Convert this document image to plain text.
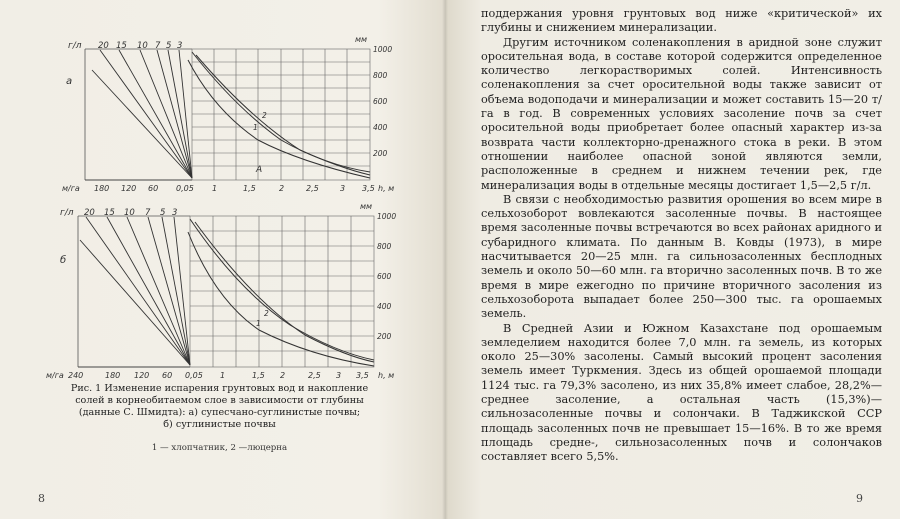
г/л 20 15 10 7 5 3
мм
1
2
А
1000
800
600
400
200
a
м/га 180 120 60 0,05 1	1,5	2	2,5	3 3,5 h, м
г/л 20 15 10 7 5 3
мм
1
2
1000
800
600
400
200
б
м/га 240	180 120 60 0,05 1	1,5 2	2,5 3 3,5 h, м
Рис. 1 Изменение испарения грунтовых вод и накопление
солей в корнеобитаемом слое в зависимости от глубины
(данные С. Шмидта): а) супесчано-суглинистые почвы;
б) суглинистые почвы
1 — хлопчатник, 2 —люцерна
8

поддержания уровня грунтовых вод ниже «критической» их глубины и снижением минерализации.

Другим источником соленакопления в аридной зоне служит оросительная вода, в составе которой содержится определенное количество легкорастворимых солей. Интенсивность соленакопления за счет оросительной воды также зависит от объема водоподачи и минерализации и может составить 15—20 т/га в год. В современных условиях засоление почв за счет оросительной воды приобретает более опасный характер из-за возврата части коллекторно-дренажного стока в реки. В этом отношении наиболее опасной зоной являются земли, расположенные в среднем и нижнем течении рек, где минерализация воды в отдельные месяцы достигает 1,5—2,5 г/л.

В связи с необходимостью развития орошения во всем мире в сельхозоборот вовлекаются засоленные почвы. В настоящее время засоленные почвы встречаются во всех районах аридного и субаридного климата. По данным В. Ковды (1973), в мире насчитывается 20—25 млн. га сильнозасоленных бесплодных земель и около 50—60 млн. га вторично засоленных почв. В то же время в мире ежегодно по причине вторичного засоления из сельхозоборота выпадает более 250—300 тыс. га орошаемых земель.

В Средней Азии и Южном Казахстане под орошаемым земледелием находится более 7,0 млн. га земель, из которых около 25—30% засолены. Самый высокий процент засоления земель имеет Туркмения. Здесь из общей орошаемой площади 1124 тыс. га 79,3% засолено, из них 35,8% имеет слабое, 28,2%— среднее засоление, а остальная часть (15,3%)— сильнозасоленные почвы и солончаки. В Таджикской ССР площадь засоленных почв не превышает 15—16%. В то же время площадь средне-, сильнозасоленных почв и солончаков составляет всего 5,5%.

9
